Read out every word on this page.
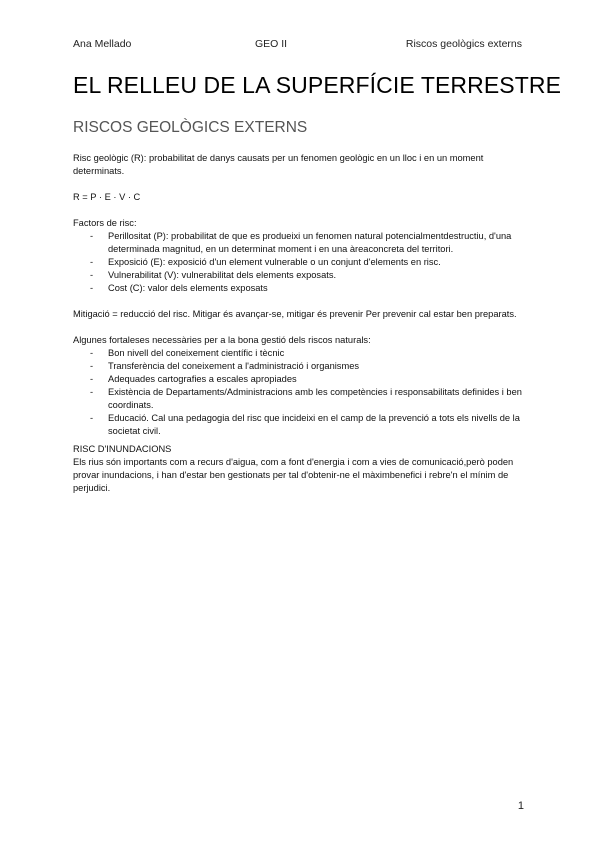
Ana Mellado	GEO II	Riscos geològics externs
EL RELLEU DE LA SUPERFÍCIE TERRESTRE
RISCOS GEOLÒGICS EXTERNS

Risc geològic (R): probabilitat de danys causats per un fenomen geològic en un lloc i en un moment determinats.

R = P · E · V · C

Factors de risc:

- Perillositat (P): probabilitat de que es produeixi un fenomen natural potencialmentdestructiu, d'una determinada magnitud, en un determinat moment i en una àreaconcreta del territori.
- Exposició (E): exposició d'un element vulnerable o un conjunt d'elements en risc.
- Vulnerabilitat (V): vulnerabilitat dels elements exposats.
- Cost (C): valor dels elements exposats

Mitigació = reducció del risc. Mitigar és avançar-se, mitigar és prevenir Per prevenir cal estar ben preparats.

Algunes fortaleses necessàries per a la bona gestió dels riscos naturals:

- Bon nivell del coneixement científic i tècnic
- Transferència del coneixement a l'administració i organismes
- Adequades cartografies a escales apropiades
- Existència de Departaments/Administracions amb les competències i responsabilitats definides i ben coordinats.
- Educació. Cal una pedagogia del risc que incideixi en el camp de la prevenció a tots els nivells de la societat civil.

RISC D'INUNDACIONS

Els rius són importants com a recurs d'aigua, com a font d'energia i com a vies de comunicació,però poden provar inundacions, i han d'estar ben gestionats per tal d'obtenir-ne el màximbenefici i rebre'n el mínim de perjudici.

1
